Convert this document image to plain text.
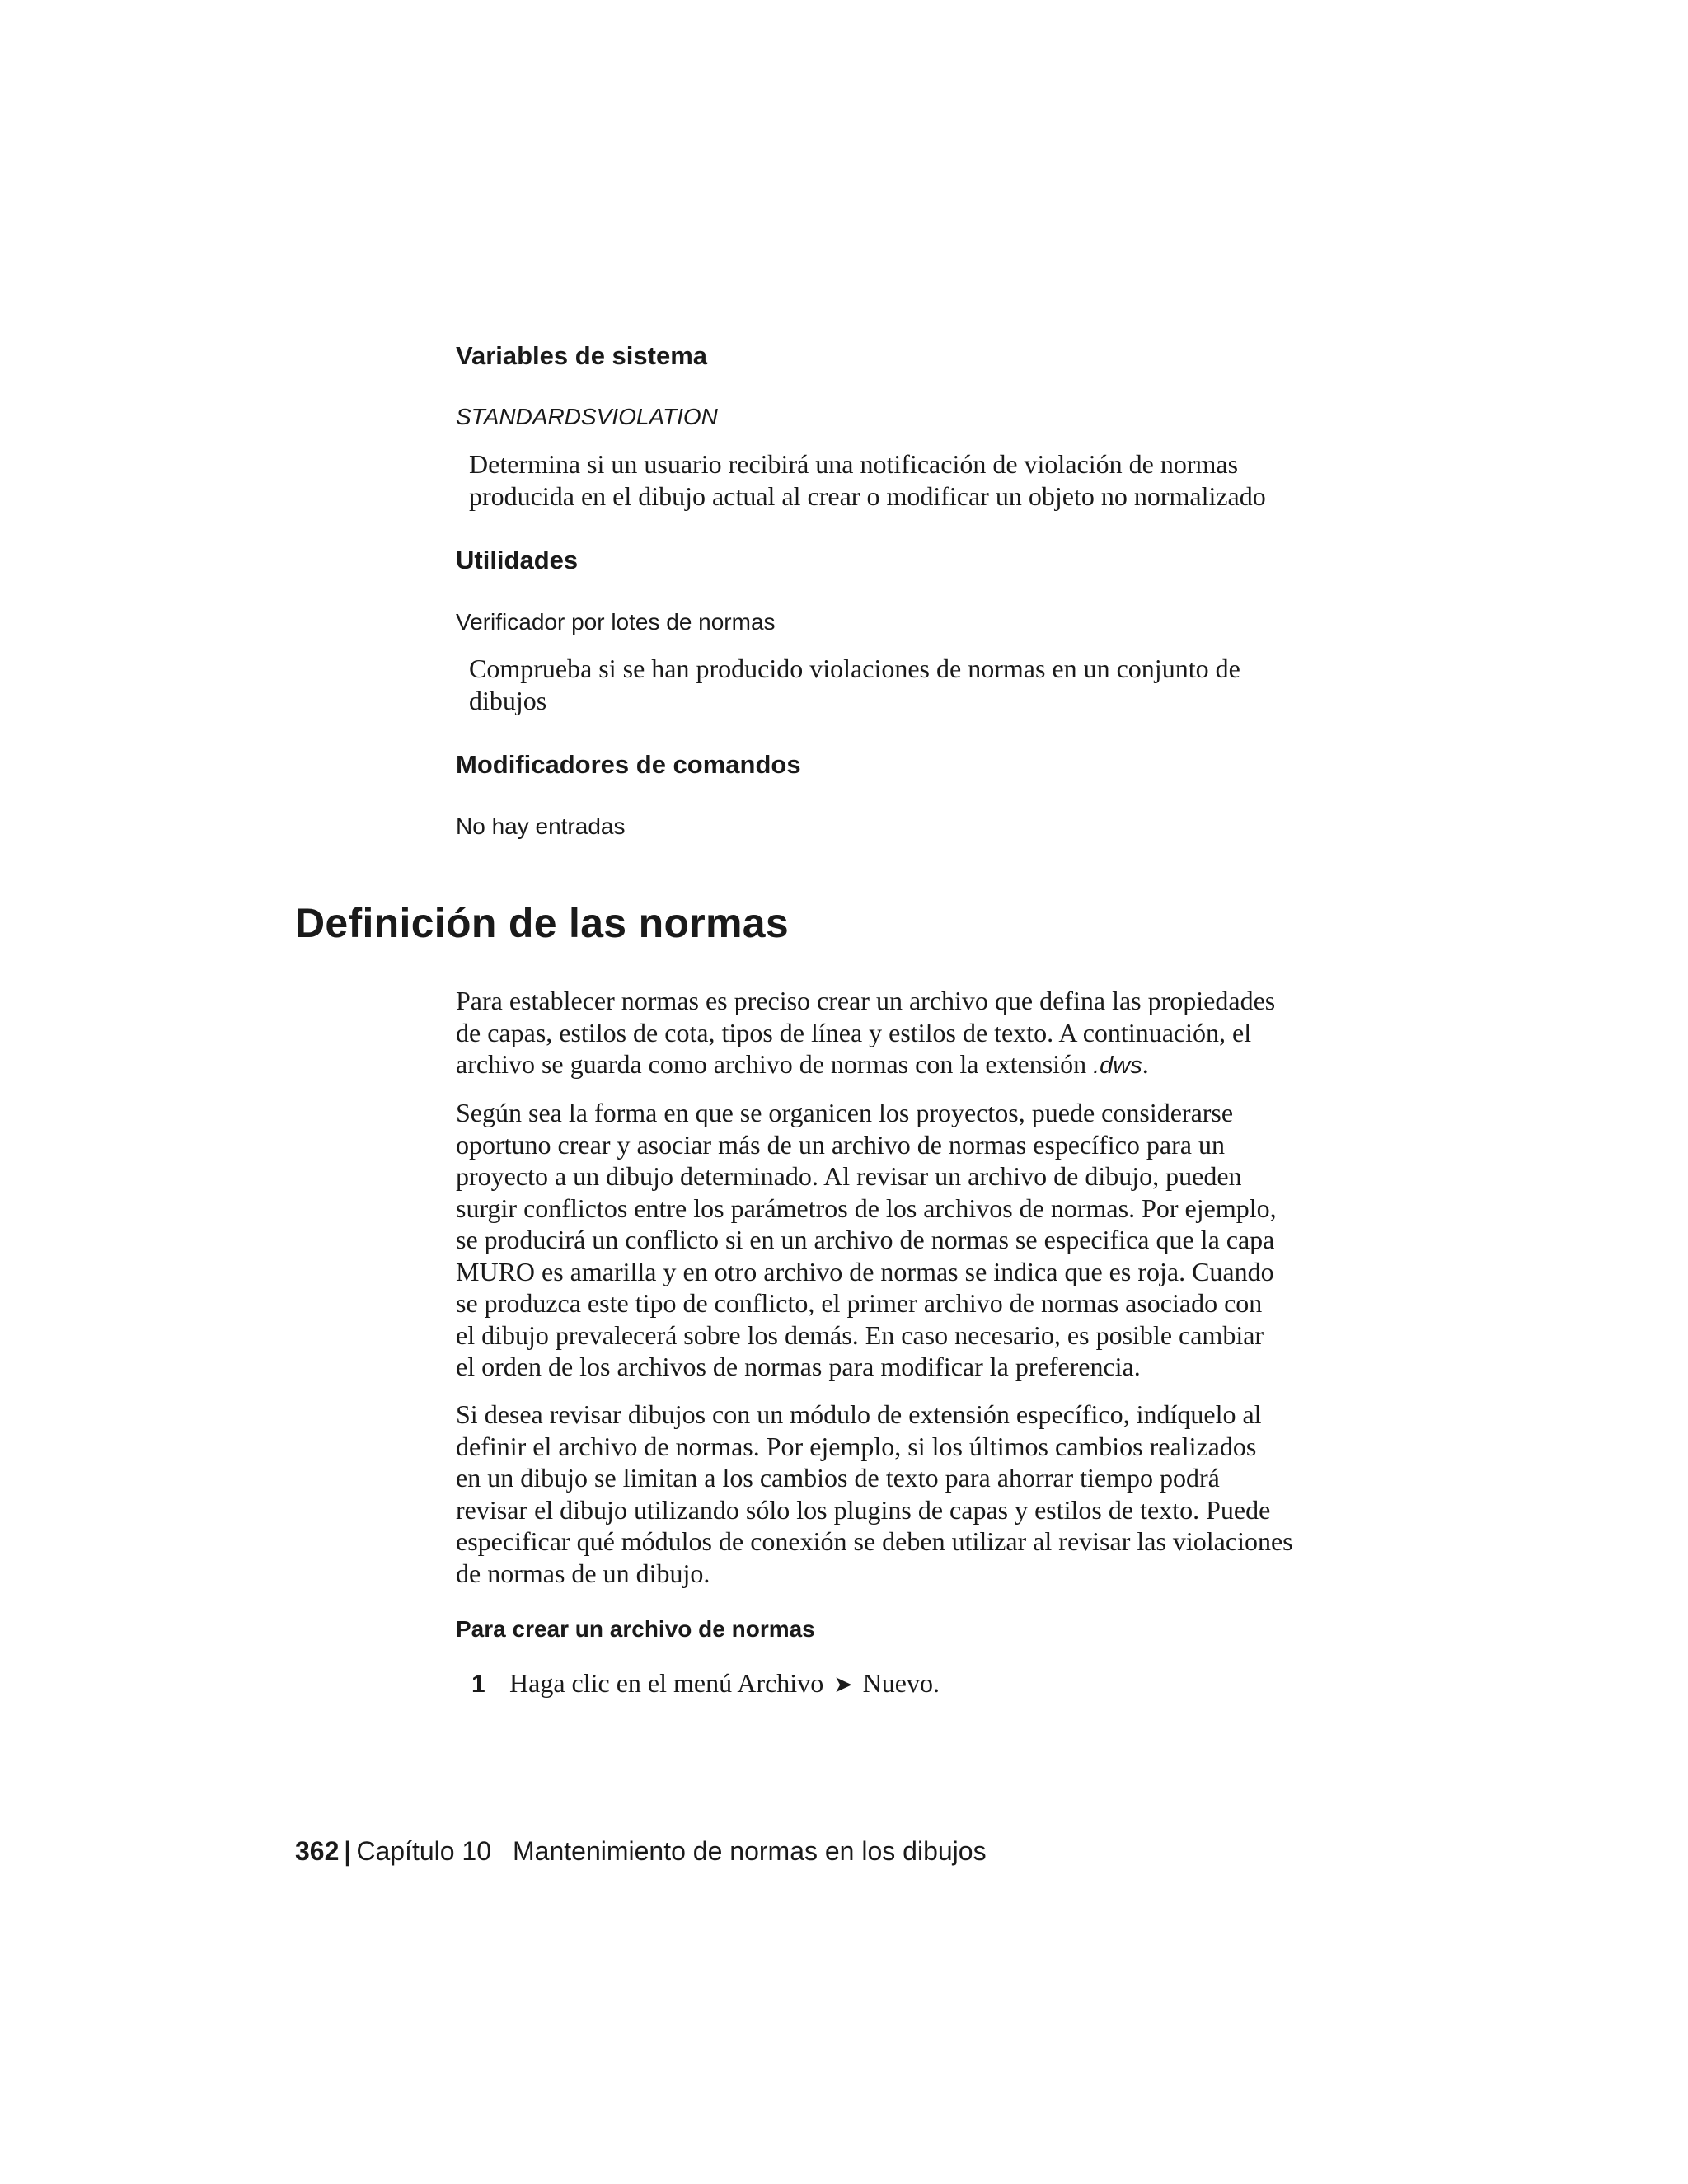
Variables de sistema

STANDARDSVIOLATION

Determina si un usuario recibirá una notificación de violación de normas

producida en el dibujo actual al crear o modificar un objeto no normalizado

Utilidades

Verificador por lotes de normas

Comprueba si se han producido violaciones de normas en un conjunto de

dibujos

Modificadores de comandos

No hay entradas

Definición de las normas

Para establecer normas es preciso crear un archivo que defina las propiedades

de capas, estilos de cota, tipos de línea y estilos de texto. A continuación, el

archivo se guarda como archivo de normas con la extensión .dws.

Según sea la forma en que se organicen los proyectos, puede considerarse

oportuno crear y asociar más de un archivo de normas específico para un

proyecto a un dibujo determinado. Al revisar un archivo de dibujo, pueden

surgir conflictos entre los parámetros de los archivos de normas. Por ejemplo,

se producirá un conflicto si en un archivo de normas se especifica que la capa

MURO es amarilla y en otro archivo de normas se indica que es roja. Cuando

se produzca este tipo de conflicto, el primer archivo de normas asociado con

el dibujo prevalecerá sobre los demás. En caso necesario, es posible cambiar

el orden de los archivos de normas para modificar la preferencia.

Si desea revisar dibujos con un módulo de extensión específico, indíquelo al

definir el archivo de normas. Por ejemplo, si los últimos cambios realizados

en un dibujo se limitan a los cambios de texto para ahorrar tiempo podrá

revisar el dibujo utilizando sólo los plugins de capas y estilos de texto. Puede

especificar qué módulos de conexión se deben utilizar al revisar las violaciones

de normas de un dibujo.

Para crear un archivo de normas

1 Haga clic en el menú Archivo ➤ Nuevo.

362 | Capítulo 10 Mantenimiento de normas en los dibujos
